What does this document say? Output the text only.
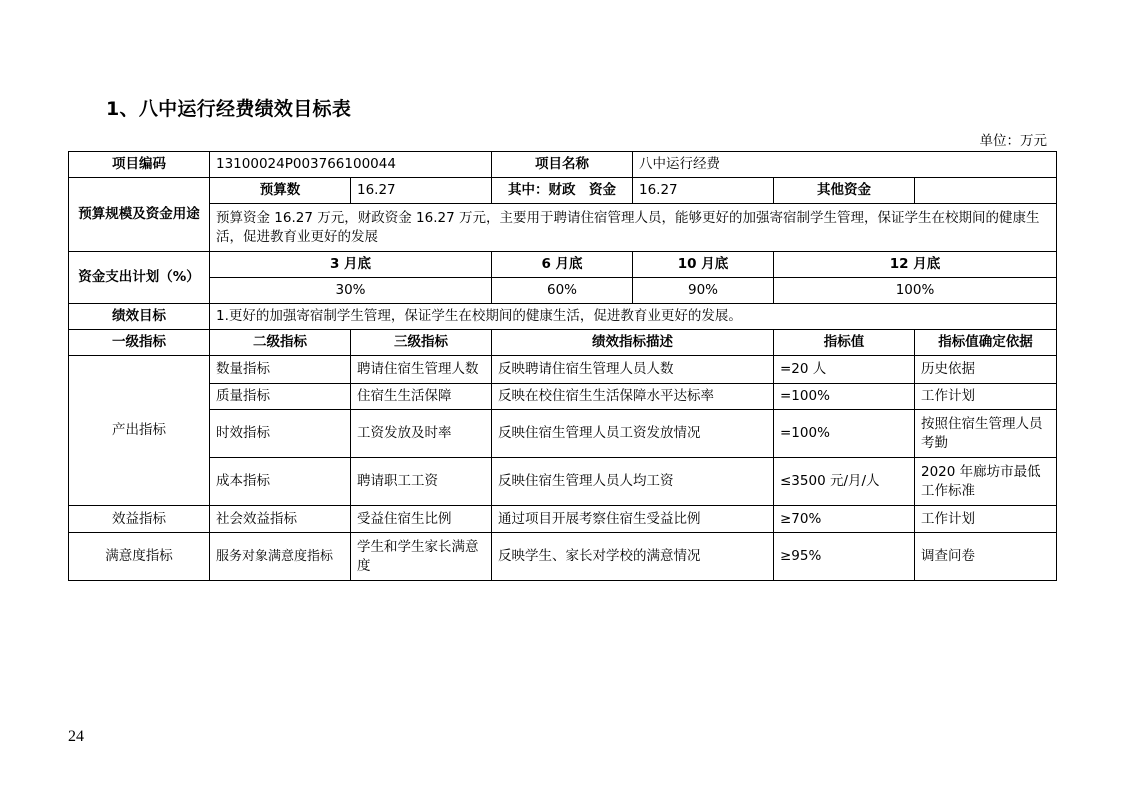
1、八中运行经费绩效目标表
单位：万元
项目编码	13100024P003766100044		项目名称	八中运行经费		
预算规模及资金用途	预算数	16.27	其中：财政　资金	16.27	其他资金	
	预算资金 16.27 万元，财政资金 16.27 万元，主要用于聘请住宿管理人员，能够更好的加强寄宿制学生管理，保证学生在校期间的健康生活，促进教育业更好的发展					
资金支出计划（%）	3 月底		6 月底	10 月底	12 月底	
	30%		60%	90%	100%	
绩效目标	1.更好的加强寄宿制学生管理，保证学生在校期间的健康生活，促进教育业更好的发展。					
一级指标	二级指标	三级指标	绩效指标描述		指标值	指标值确定依据
产出指标	数量指标	聘请住宿生管理人数	反映聘请住宿生管理人员人数		=20 人	历史依据
	质量指标	住宿生生活保障	反映在校住宿生生活保障水平达标率		=100%	工作计划
	时效指标	工资发放及时率	反映住宿生管理人员工资发放情况		=100%	按照住宿生管理人员考勤
	成本指标	聘请职工工资	反映住宿生管理人员人均工资		≤3500 元/月/人	2020 年廊坊市最低工作标准
效益指标	社会效益指标	受益住宿生比例	通过项目开展考察住宿生受益比例		≥70%	工作计划
满意度指标	服务对象满意度指标	学生和学生家长满意度	反映学生、家长对学校的满意情况		≥95%	调查问卷
24
